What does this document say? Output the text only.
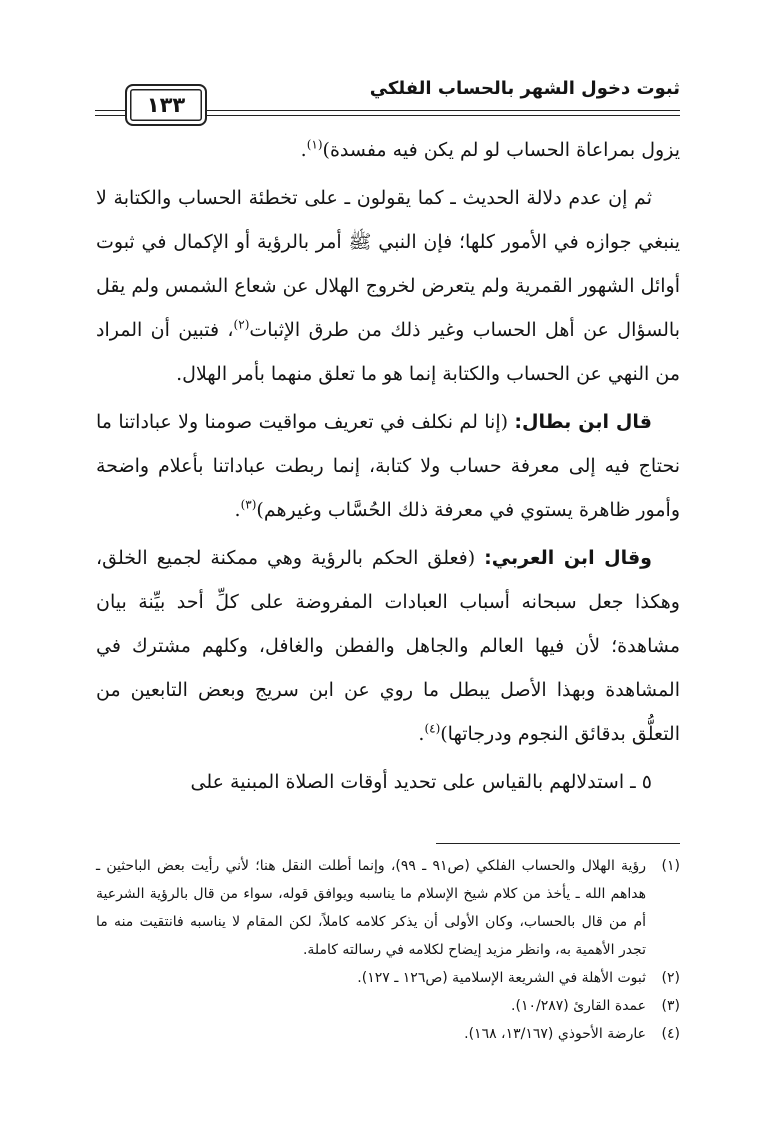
ثبوت دخول الشهر بالحساب الفلكي
١٣٣

يزول بمراعاة الحساب لو لم يكن فيه مفسدة)$^{(١)}$.

ثم إن عدم دلالة الحديث ـ كما يقولون ـ على تخطئة الحساب والكتابة لا ينبغي جوازه في الأمور كلها؛ فإن النبي ﷺ أمر بالرؤية أو الإكمال في ثبوت أوائل الشهور القمرية ولم يتعرض لخروج الهلال عن شعاع الشمس ولم يقل بالسؤال عن أهل الحساب وغير ذلك من طرق الإثبات$^{(٢)}$، فتبين أن المراد من النهي عن الحساب والكتابة إنما هو ما تعلق منهما بأمر الهلال.

قال ابن بطال: (إنا لم نكلف في تعريف مواقيت صومنا ولا عباداتنا ما نحتاج فيه إلى معرفة حساب ولا كتابة، إنما ربطت عباداتنا بأعلام واضحة وأمور ظاهرة يستوي في معرفة ذلك الحُسَّاب وغيرهم)$^{(٣)}$.

وقال ابن العربي: (فعلق الحكم بالرؤية وهي ممكنة لجميع الخلق، وهكذا جعل سبحانه أسباب العبادات المفروضة على كلِّ أحد بيِّنة بيان مشاهدة؛ لأن فيها العالم والجاهل والفطن والغافل، وكلهم مشترك في المشاهدة وبهذا الأصل يبطل ما روي عن ابن سريج وبعض التابعين من التعلُّق بدقائق النجوم ودرجاتها)$^{(٤)}$.

٥ ـ استدلالهم بالقياس على تحديد أوقات الصلاة المبنية على

(١)
رؤية الهلال والحساب الفلكي (ص٩١ ـ ٩٩)، وإنما أطلت النقل هنا؛ لأني رأيت بعض الباحثين ـ هداهم الله ـ يأخذ من كلام شيخ الإسلام ما يناسبه ويوافق قوله، سواء من قال بالرؤية الشرعية أم من قال بالحساب، وكان الأولى أن يذكر كلامه كاملاً، لكن المقام لا يناسبه فانتقيت منه ما تجدر الأهمية به، وانظر مزيد إيضاح لكلامه في رسالته كاملة.

(٢)
ثبوت الأهلة في الشريعة الإسلامية (ص١٢٦ ـ ١٢٧).

(٣)
عمدة القارئ (١٠/٢٨٧).

(٤)
عارضة الأحوذي (١٣/١٦٧، ١٦٨).
